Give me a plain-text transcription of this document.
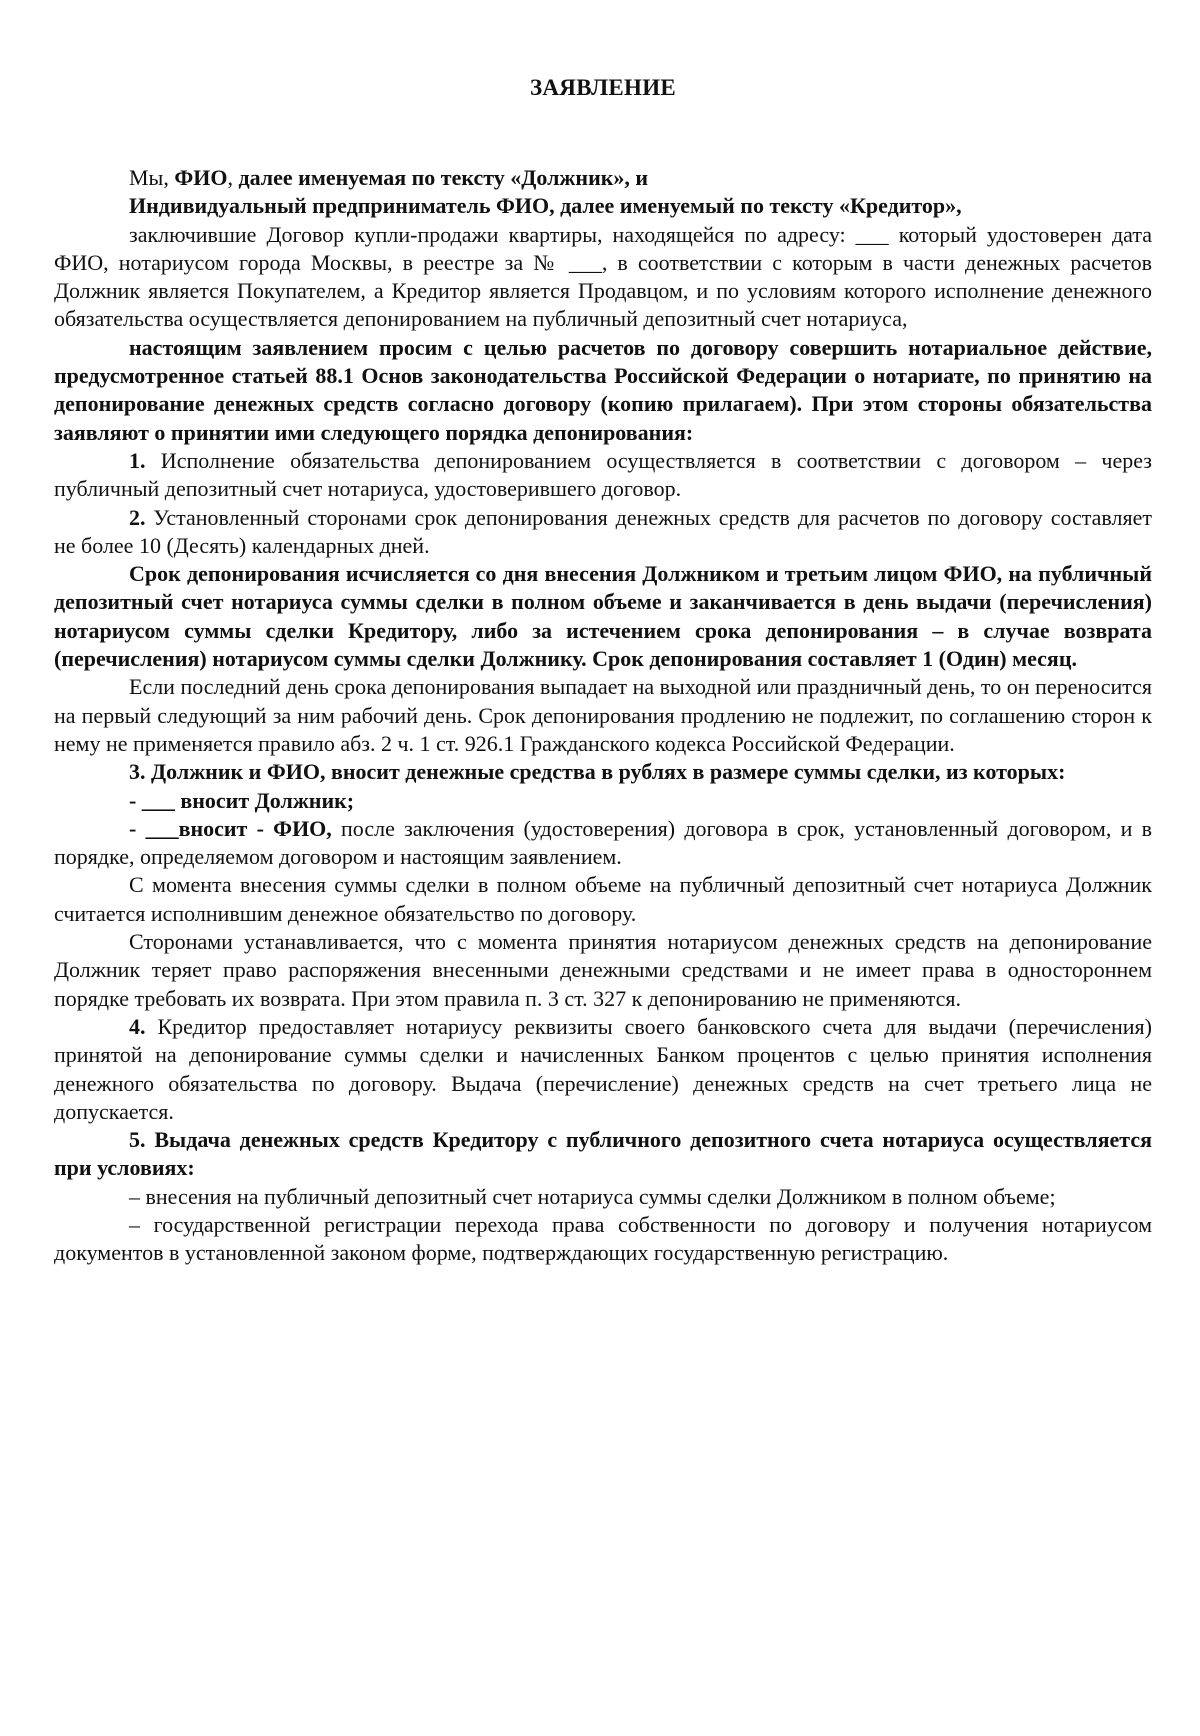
ЗАЯВЛЕНИЕ

Мы, ФИО, далее именуемая по тексту «Должник», и

Индивидуальный предприниматель ФИО, далее именуемый по тексту «Кредитор»,

заключившие Договор купли-продажи квартиры, находящейся по адресу: ___ который удостоверен дата ФИО, нотариусом города Москвы, в реестре за № ___, в соответствии с которым в части денежных расчетов Должник является Покупателем, а Кредитор является Продавцом, и по условиям которого исполнение денежного обязательства осуществляется депонированием на публичный депозитный счет нотариуса,

настоящим заявлением просим с целью расчетов по договору совершить нотариальное действие, предусмотренное статьей 88.1 Основ законодательства Российской Федерации о нотариате, по принятию на депонирование денежных средств согласно договору (копию прилагаем). При этом стороны обязательства заявляют о принятии ими следующего порядка депонирования:

1. Исполнение обязательства депонированием осуществляется в соответствии с договором – через публичный депозитный счет нотариуса, удостоверившего договор.

2. Установленный сторонами срок депонирования денежных средств для расчетов по договору составляет не более 10 (Десять) календарных дней.

Срок депонирования исчисляется со дня внесения Должником и третьим лицом ФИО, на публичный депозитный счет нотариуса суммы сделки в полном объеме и заканчивается в день выдачи (перечисления) нотариусом суммы сделки Кредитору, либо за истечением срока депонирования – в случае возврата (перечисления) нотариусом суммы сделки Должнику. Срок депонирования составляет 1 (Один) месяц.

Если последний день срока депонирования выпадает на выходной или праздничный день, то он переносится на первый следующий за ним рабочий день. Срок депонирования продлению не подлежит, по соглашению сторон к нему не применяется правило абз. 2 ч. 1 ст. 926.1 Гражданского кодекса Российской Федерации.

3. Должник и ФИО, вносит денежные средства в рублях в размере суммы сделки, из которых:

- ___ вносит Должник;

- ___вносит - ФИО, после заключения (удостоверения) договора в срок, установленный договором, и в порядке, определяемом договором и настоящим заявлением.

С момента внесения суммы сделки в полном объеме на публичный депозитный счет нотариуса Должник считается исполнившим денежное обязательство по договору.

Сторонами устанавливается, что с момента принятия нотариусом денежных средств на депонирование Должник теряет право распоряжения внесенными денежными средствами и не имеет права в одностороннем порядке требовать их возврата. При этом правила п. 3 ст. 327 к депонированию не применяются.

4. Кредитор предоставляет нотариусу реквизиты своего банковского счета для выдачи (перечисления) принятой на депонирование суммы сделки и начисленных Банком процентов с целью принятия исполнения денежного обязательства по договору. Выдача (перечисление) денежных средств на счет третьего лица не допускается.

5. Выдача денежных средств Кредитору с публичного депозитного счета нотариуса осуществляется при условиях:

– внесения на публичный депозитный счет нотариуса суммы сделки Должником в полном объеме;

– государственной регистрации перехода права собственности по договору и получения нотариусом документов в установленной законом форме, подтверждающих государственную регистрацию.
